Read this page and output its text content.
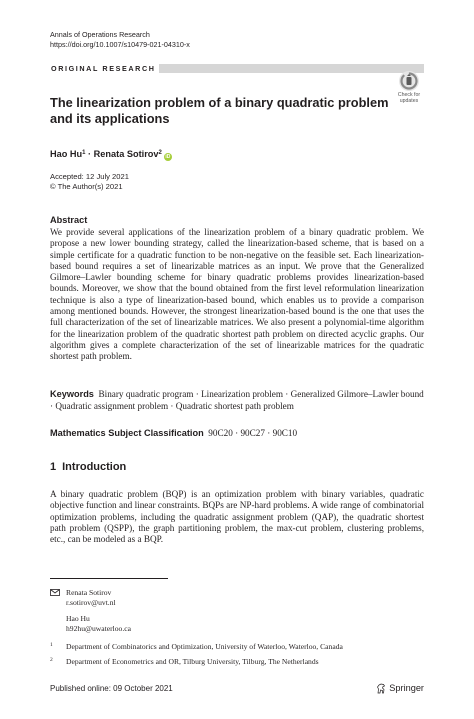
Annals of Operations Research
https://doi.org/10.1007/s10479-021-04310-x
ORIGINAL RESEARCH
Check for
updates
The linearization problem of a binary quadratic problem and its applications
Hao $Hu^1$ · Renata Sotirov$^2$iD
Accepted: 12 July 2021
© The Author(s) 2021
Abstract
We provide several applications of the linearization problem of a binary quadratic problem. We propose a new lower bounding strategy, called the linearization-based scheme, that is based on a simple certificate for a quadratic function to be non-negative on the feasible set. Each linearization-based bound requires a set of linearizable matrices as an input. We prove that the Generalized Gilmore–Lawler bounding scheme for binary quadratic problems provides linearization-based bounds. Moreover, we show that the bound obtained from the first level reformulation linearization technique is also a type of linearization-based bound, which enables us to provide a comparison among mentioned bounds. However, the strongest linearization-based bound is the one that uses the full characterization of the set of linearizable matrices. We also present a polynomial-time algorithm for the linearization problem of the quadratic shortest path problem on directed acyclic graphs. Our algorithm gives a complete characterization of the set of linearizable matrices for the quadratic shortest path problem.
Keywords Binary quadratic program · Linearization problem · Generalized Gilmore–Lawler bound · Quadratic assignment problem · Quadratic shortest path problem
Mathematics Subject Classification 90C20 · 90C27 · 90C10
1 Introduction
A binary quadratic problem (BQP) is an optimization problem with binary variables, quadratic objective function and linear constraints. BQPs are NP-hard problems. A wide range of combinatorial optimization problems, including the quadratic assignment problem (QAP), the quadratic shortest path problem (QSPP), the graph partitioning problem, the max-cut problem, clustering problems, etc., can be modeled as a BQP.
Renata Sotirov
r.sotirov@uvt.nl
Hao Hu
h92hu@uwaterloo.ca
1 Department of Combinatorics and Optimization, University of Waterloo, Waterloo, Canada
2 Department of Econometrics and OR, Tilburg University, Tilburg, The Netherlands
Published online: 09 October 2021	Springer
